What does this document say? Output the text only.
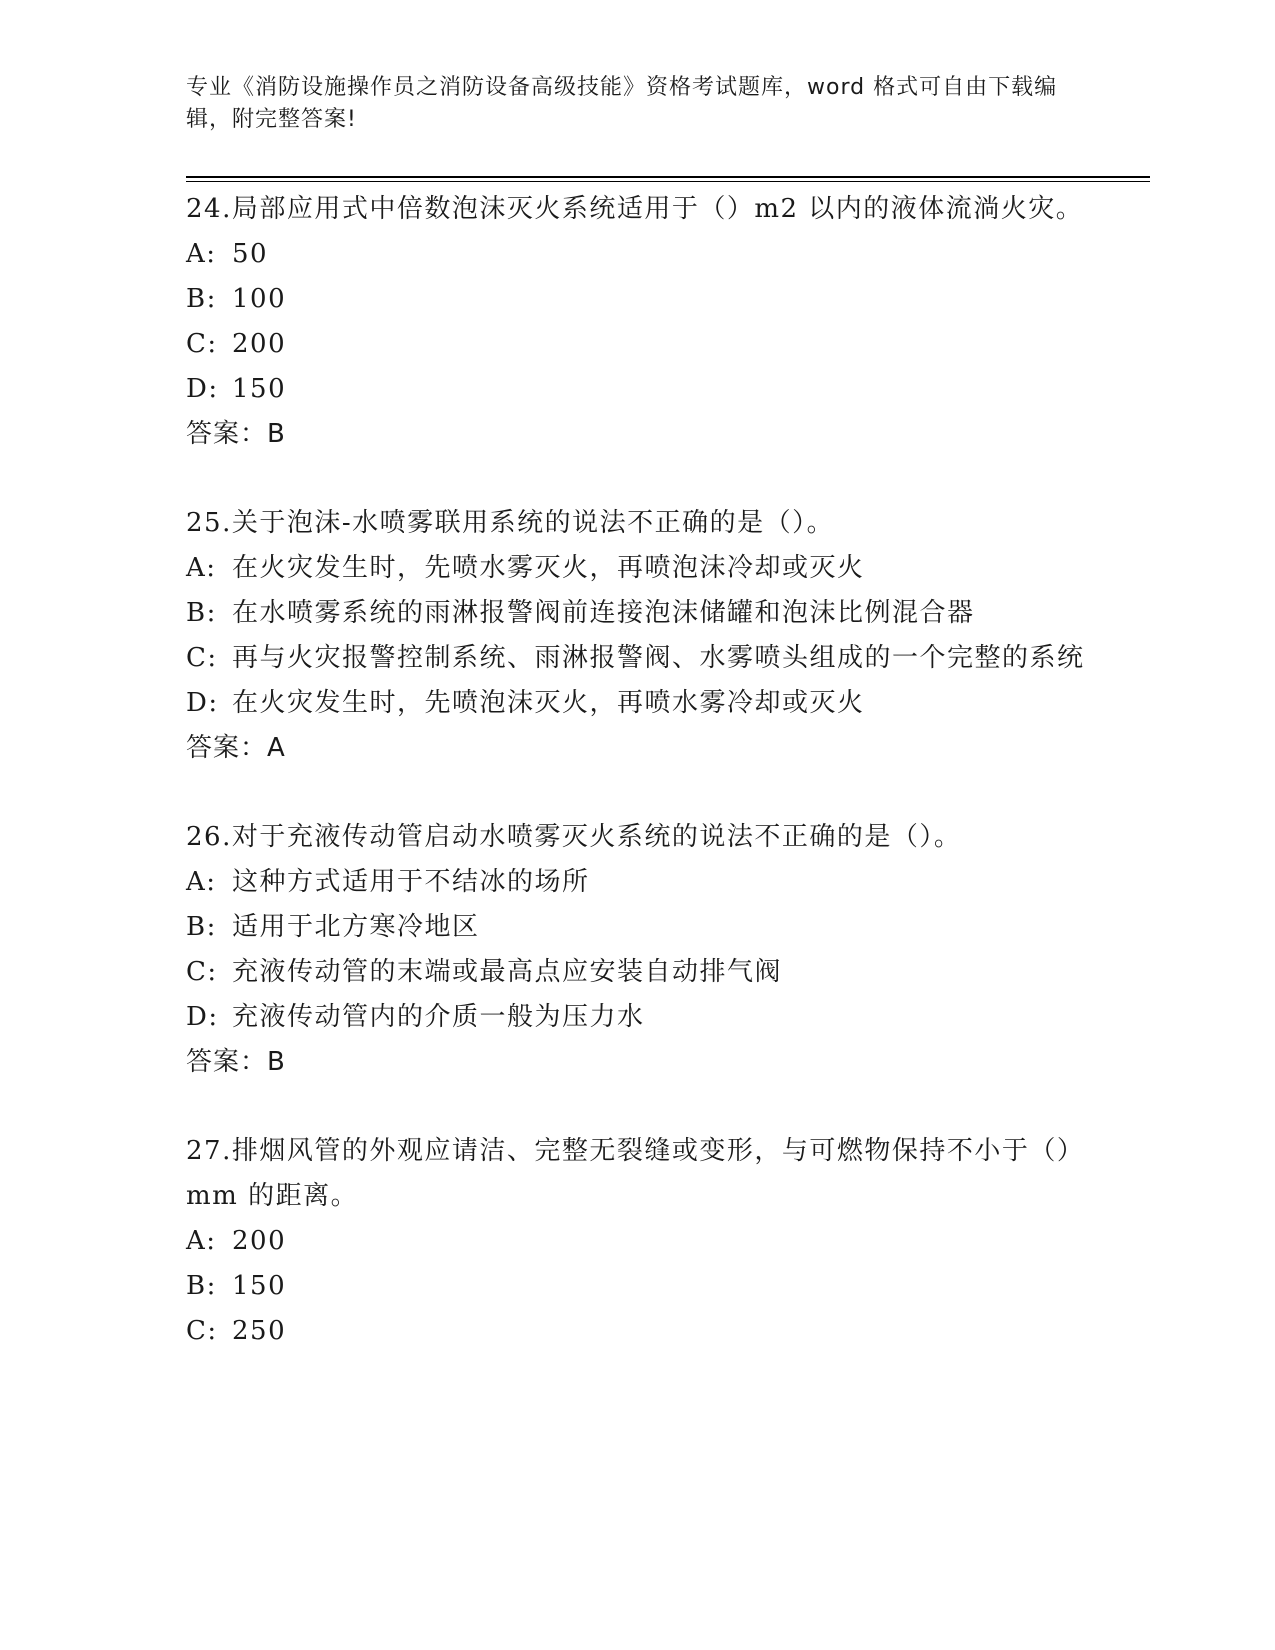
专业《消防设施操作员之消防设备高级技能》资格考试题库，word 格式可自由下载编辑，附完整答案!
24.局部应用式中倍数泡沫灭火系统适用于（）m2 以内的液体流淌火灾。
A: 50
B: 100
C: 200
D: 150
答案：B
25.关于泡沫-水喷雾联用系统的说法不正确的是（）。
A: 在火灾发生时，先喷水雾灭火，再喷泡沫冷却或灭火
B: 在水喷雾系统的雨淋报警阀前连接泡沫储罐和泡沫比例混合器
C: 再与火灾报警控制系统、雨淋报警阀、水雾喷头组成的一个完整的系统
D: 在火灾发生时，先喷泡沫灭火，再喷水雾冷却或灭火
答案：A
26.对于充液传动管启动水喷雾灭火系统的说法不正确的是（）。
A: 这种方式适用于不结冰的场所
B: 适用于北方寒冷地区
C: 充液传动管的末端或最高点应安装自动排气阀
D: 充液传动管内的介质一般为压力水
答案：B
27.排烟风管的外观应请洁、完整无裂缝或变形，与可燃物保持不小于（）mm 的距离。
A: 200
B: 150
C: 250
